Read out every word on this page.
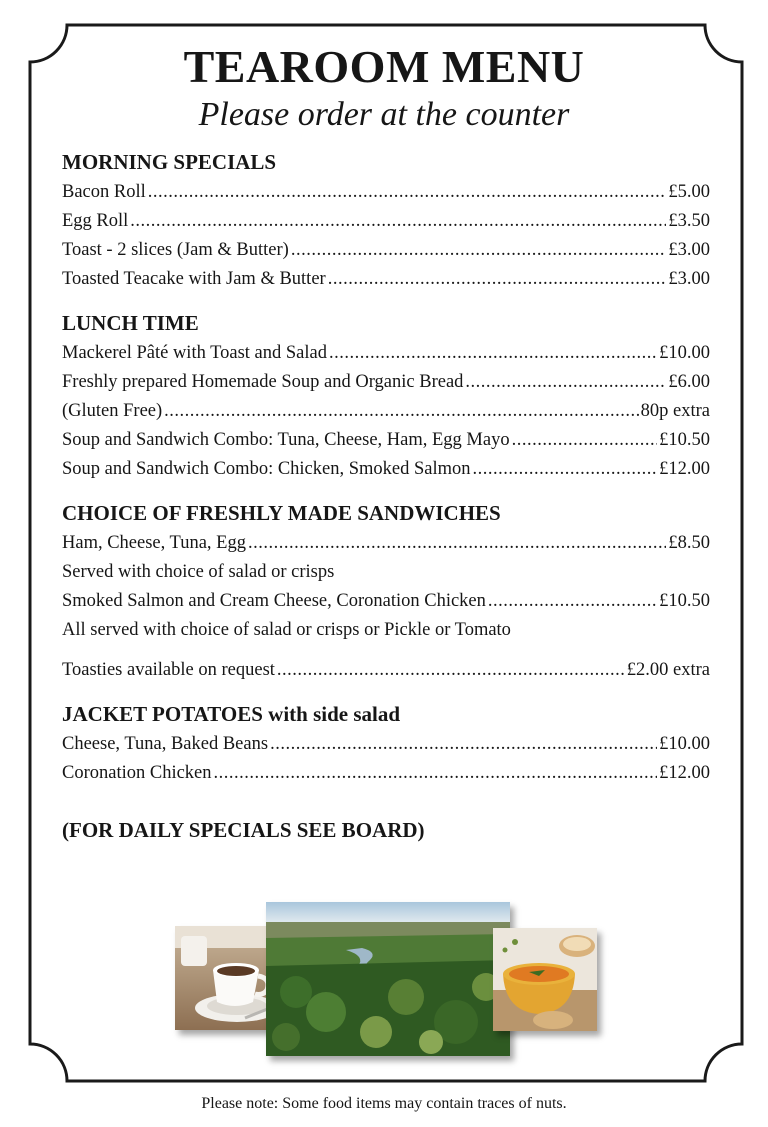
TEAROOM MENU

Please order at the counter

MORNING SPECIALS
Bacon Roll .....	£5.00
Egg Roll .....	£3.50
Toast - 2 slices (Jam & Butter) .....	£3.00
Toasted Teacake with Jam & Butter .....	£3.00
LUNCH TIME
Mackerel Pâté with Toast and Salad .....	£10.00
Freshly prepared Homemade Soup and Organic Bread .....	£6.00
(Gluten Free) .....	80p extra
Soup and Sandwich Combo: Tuna, Cheese, Ham, Egg Mayo .....	£10.50
Soup and Sandwich Combo: Chicken, Smoked Salmon .....	£12.00
CHOICE OF FRESHLY MADE SANDWICHES
Ham, Cheese, Tuna, Egg .....	£8.50
Served with choice of salad or crisps
Smoked Salmon and Cream Cheese, Coronation Chicken .....	£10.50
All served with choice of salad or crisps or Pickle or Tomato
Toasties available on request .....	£2.00 extra
JACKET POTATOES with side salad
Cheese, Tuna, Baked Beans .....	£10.00
Coronation Chicken .....	£12.00
(FOR DAILY SPECIALS SEE BOARD)

Please note: Some food items may contain traces of nuts.
